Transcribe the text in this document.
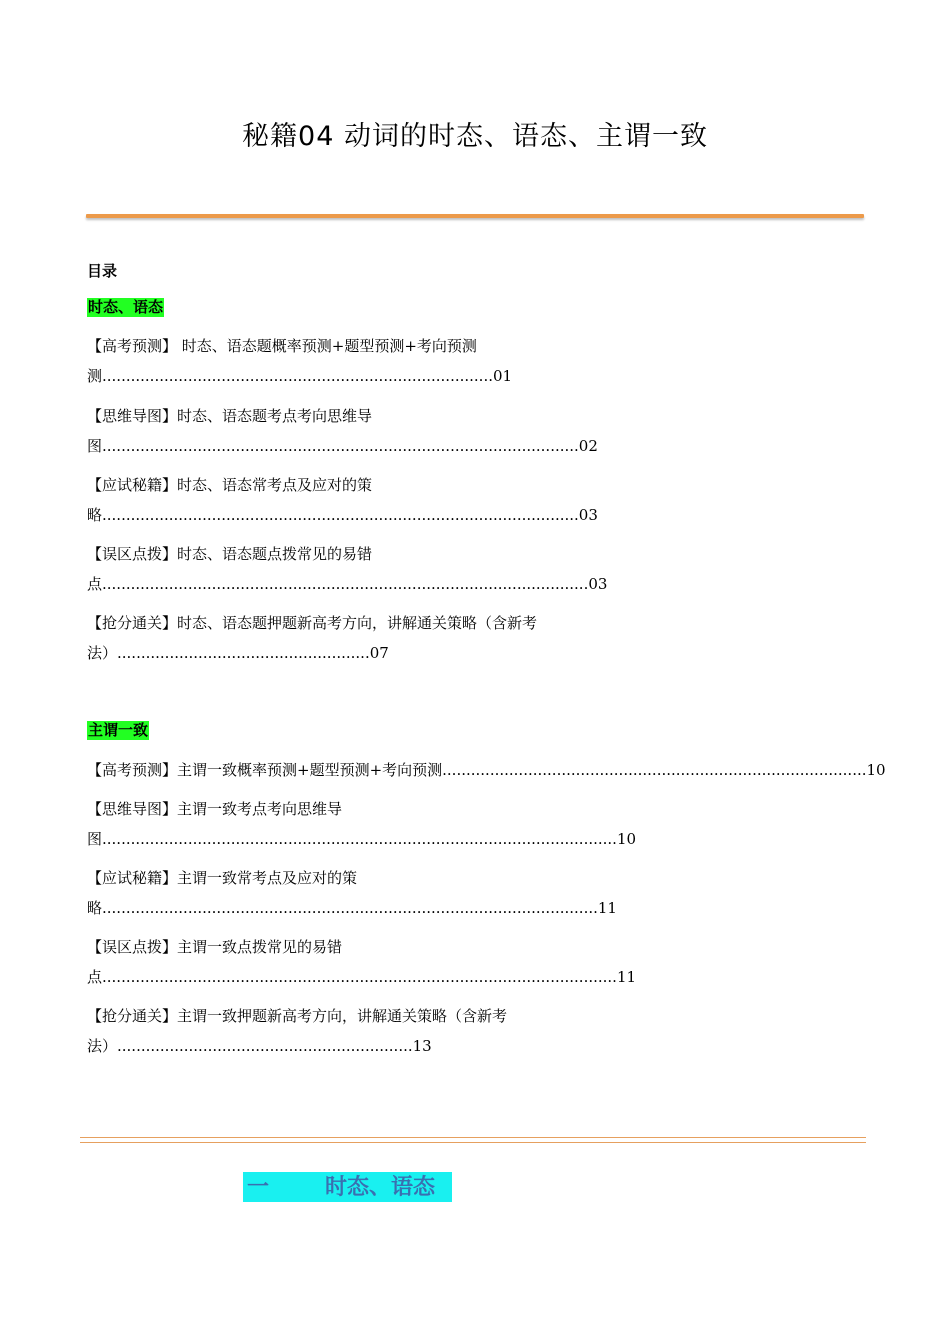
秘籍04 动词的时态、语态、主谓一致
目录
时态、语态
【高考预测】 时态、语态题概率预测+题型预测+考向预测
测..................................................................................01
【思维导图】时态、语态题考点考向思维导
图....................................................................................................02
【应试秘籍】时态、语态常考点及应对的策
略....................................................................................................03
【误区点拨】时态、语态题点拨常见的易错
点......................................................................................................03
【抢分通关】时态、语态题押题新高考方向，讲解通关策略（含新考
法）.....................................................07
主谓一致
【高考预测】主谓一致概率预测+题型预测+考向预测.........................................................................................10
【思维导图】主谓一致考点考向思维导
图............................................................................................................10
【应试秘籍】主谓一致常考点及应对的策
略........................................................................................................11
【误区点拨】主谓一致点拨常见的易错
点............................................................................................................11
【抢分通关】主谓一致押题新高考方向，讲解通关策略（含新考
法）..............................................................13
一	时态、语态
